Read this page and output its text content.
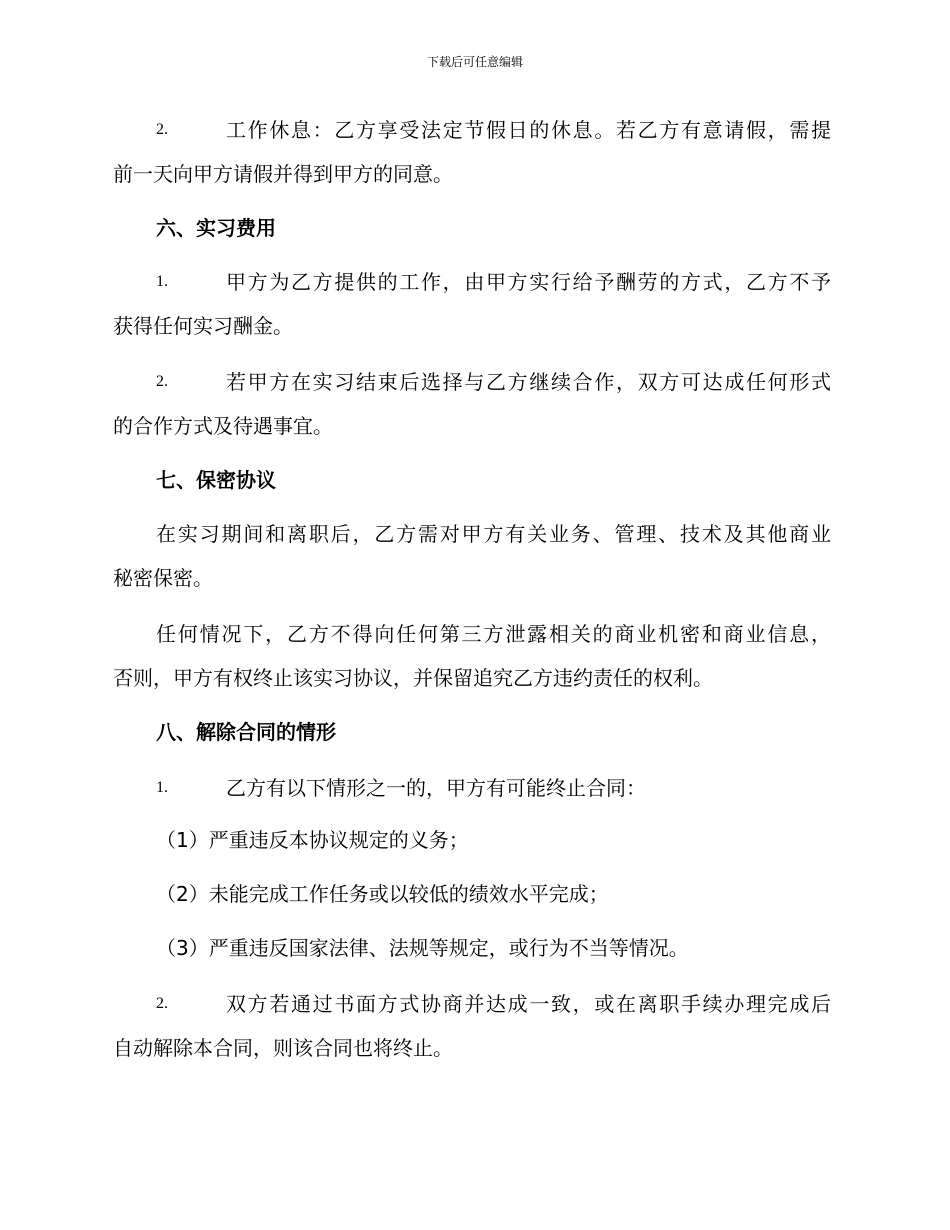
下载后可任意编辑
2.	工作休息：乙方享受法定节假日的休息。若乙方有意请假，需提
前一天向甲方请假并得到甲方的同意。
六、实习费用
1.	甲方为乙方提供的工作，由甲方实行给予酬劳的方式，乙方不予
获得任何实习酬金。
2.	若甲方在实习结束后选择与乙方继续合作，双方可达成任何形式
的合作方式及待遇事宜。
七、保密协议
在实习期间和离职后，乙方需对甲方有关业务、管理、技术及其他商业
秘密保密。
任何情况下，乙方不得向任何第三方泄露相关的商业机密和商业信息，
否则，甲方有权终止该实习协议，并保留追究乙方违约责任的权利。
八、解除合同的情形
1.	乙方有以下情形之一的，甲方有可能终止合同：
（1）严重违反本协议规定的义务；
（2）未能完成工作任务或以较低的绩效水平完成；
（3）严重违反国家法律、法规等规定，或行为不当等情况。
2.	双方若通过书面方式协商并达成一致，或在离职手续办理完成后
自动解除本合同，则该合同也将终止。
